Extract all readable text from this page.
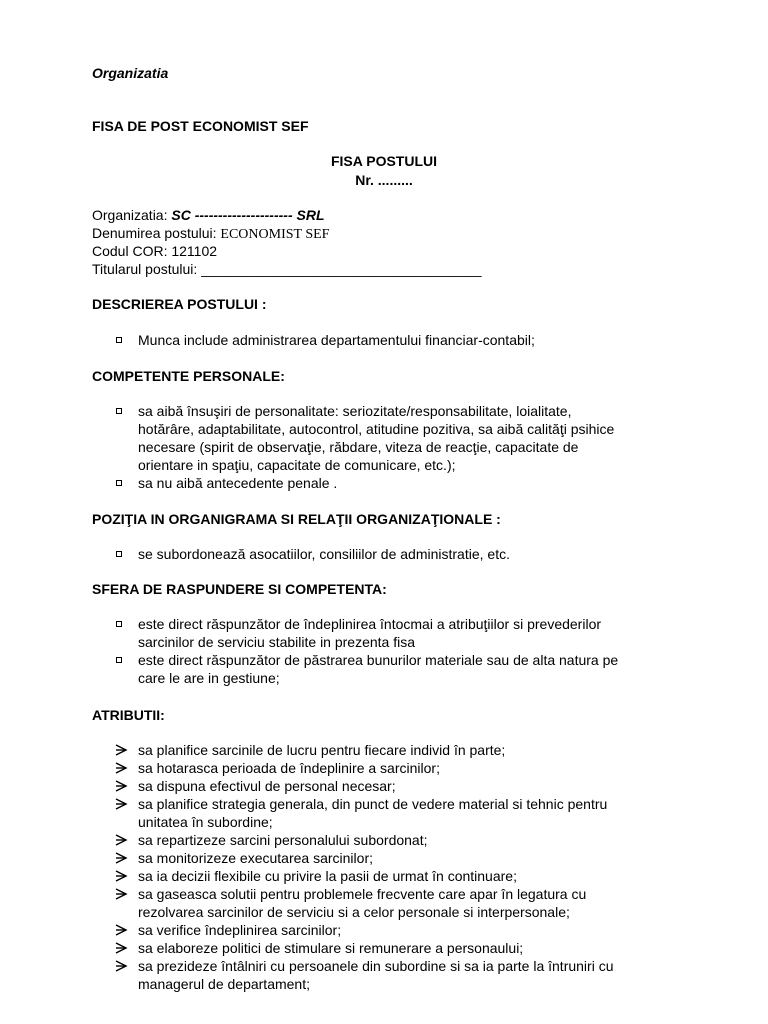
Organizatia
FISA DE POST ECONOMIST SEF
FISA POSTULUI
Nr. .........
Organizatia: SC --------------------- SRL
Denumirea postului: ECONOMIST SEF
Codul COR: 121102
Titularul postului: ____________________________________
DESCRIEREA POSTULUI :
Munca include administrarea departamentului financiar-contabil;
COMPETENTE PERSONALE:
sa aibă însuşiri de personalitate: seriozitate/responsabilitate, loialitate,
hotărâre, adaptabilitate, autocontrol, atitudine pozitiva, sa aibă calităţi psihice
necesare (spirit de observaţie, răbdare, viteza de reacţie, capacitate de
orientare in spaţiu, capacitate de comunicare, etc.);
sa nu aibă antecedente penale .
POZIŢIA IN ORGANIGRAMA SI RELAŢII ORGANIZAŢIONALE :
se subordonează asocatiilor, consiliilor de administratie, etc.
SFERA DE RASPUNDERE SI COMPETENTA:
este direct răspunzător de îndeplinirea întocmai a atribuţiilor si prevederilor
sarcinilor de serviciu stabilite in prezenta fisa
este direct răspunzător de păstrarea bunurilor materiale sau de alta natura pe
care le are in gestiune;
ATRIBUTII:
sa planifice sarcinile de lucru pentru fiecare individ în parte;
sa hotarasca perioada de îndeplinire a sarcinilor;
sa dispuna efectivul de personal necesar;
sa planifice strategia generala, din punct de vedere material si tehnic pentru
unitatea în subordine;
sa repartizeze sarcini personalului subordonat;
sa monitorizeze executarea sarcinilor;
sa ia decizii flexibile cu privire la pasii de urmat în continuare;
sa gaseasca solutii pentru problemele frecvente care apar în legatura cu
rezolvarea sarcinilor de serviciu si a celor personale si interpersonale;
sa verifice îndeplinirea sarcinilor;
sa elaboreze politici de stimulare si remunerare a personaului;
sa prezideze întâlniri cu persoanele din subordine si sa ia parte la întruniri cu
managerul de departament;
